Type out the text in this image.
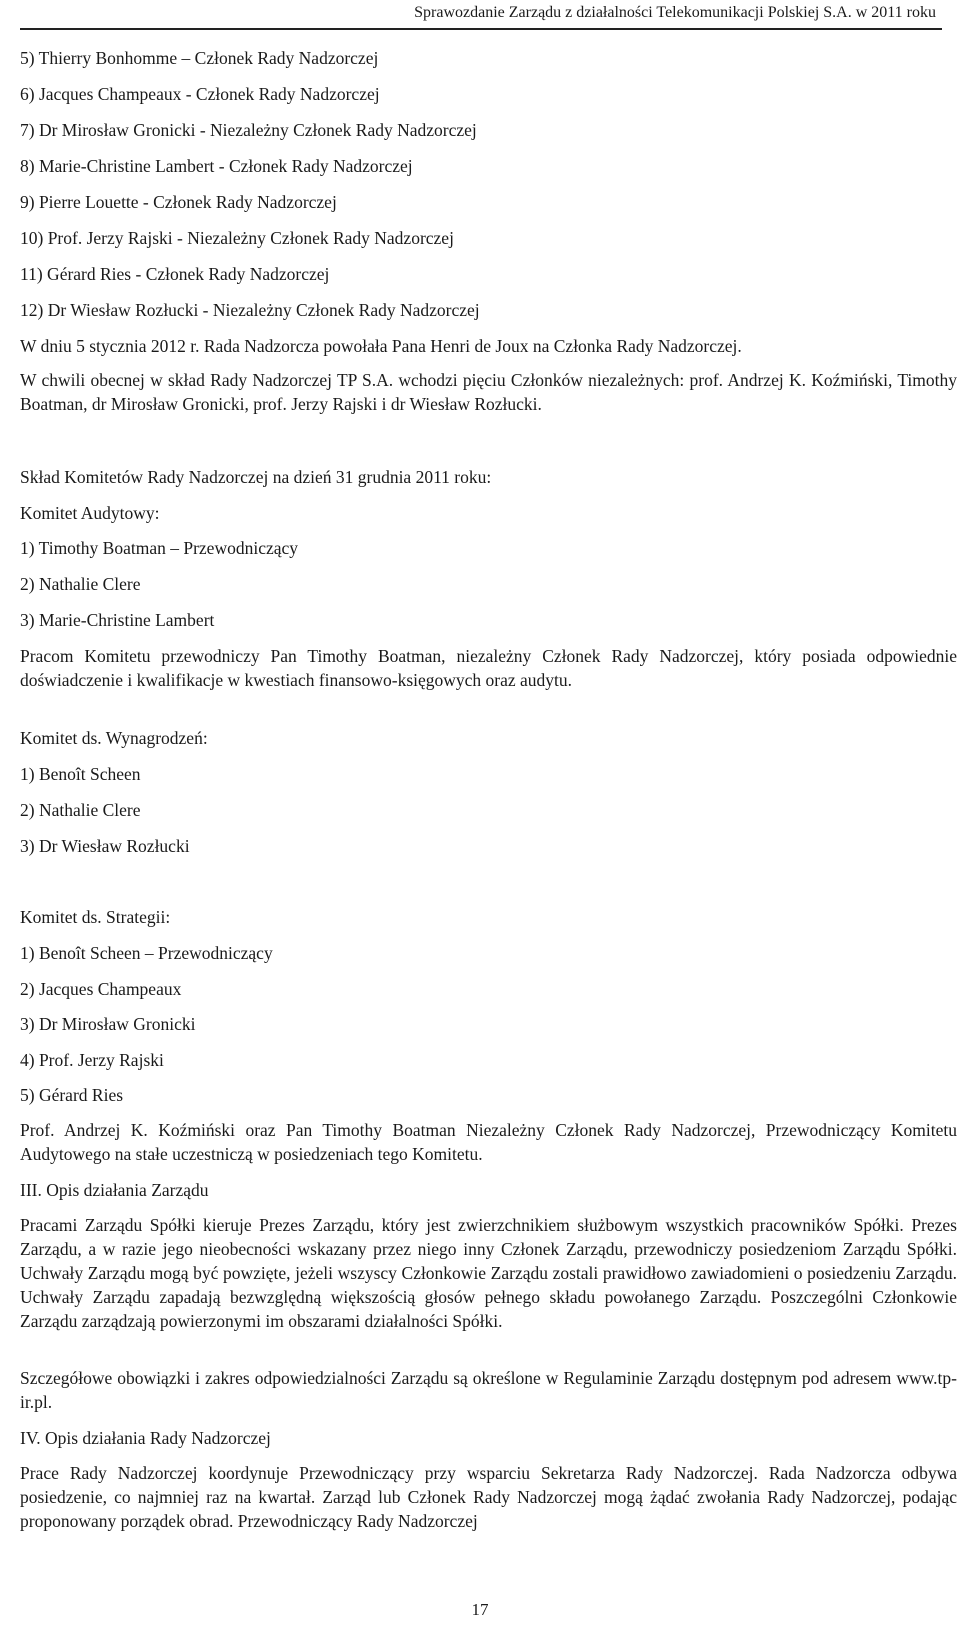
Sprawozdanie Zarządu z działalności Telekomunikacji Polskiej S.A. w 2011 roku
5) Thierry Bonhomme – Członek Rady Nadzorczej
6) Jacques Champeaux - Członek Rady Nadzorczej
7) Dr Mirosław Gronicki - Niezależny Członek Rady Nadzorczej
8) Marie-Christine Lambert - Członek Rady Nadzorczej
9) Pierre Louette - Członek Rady Nadzorczej
10) Prof. Jerzy Rajski - Niezależny Członek Rady Nadzorczej
11) Gérard Ries - Członek Rady Nadzorczej
12) Dr Wiesław Rozłucki - Niezależny Członek Rady Nadzorczej
W dniu 5 stycznia 2012 r. Rada Nadzorcza powołała Pana Henri de Joux na Członka Rady Nadzorczej.
W chwili obecnej w skład Rady Nadzorczej TP S.A. wchodzi pięciu Członków niezależnych: prof. Andrzej K. Koźmiński, Timothy Boatman, dr Mirosław Gronicki, prof. Jerzy Rajski i dr Wiesław Rozłucki.
Skład Komitetów Rady Nadzorczej na dzień 31 grudnia 2011 roku:
Komitet Audytowy:
1) Timothy Boatman – Przewodniczący
2) Nathalie Clere
3) Marie-Christine Lambert
Pracom Komitetu przewodniczy Pan Timothy Boatman, niezależny Członek Rady Nadzorczej, który posiada odpowiednie doświadczenie i kwalifikacje w kwestiach finansowo-księgowych oraz audytu.
Komitet ds. Wynagrodzeń:
1) Benoît Scheen
2) Nathalie Clere
3) Dr Wiesław Rozłucki
Komitet ds. Strategii:
1) Benoît Scheen – Przewodniczący
2) Jacques Champeaux
3) Dr Mirosław Gronicki
4) Prof. Jerzy Rajski
5) Gérard Ries
Prof. Andrzej K. Koźmiński oraz Pan Timothy Boatman Niezależny Członek Rady Nadzorczej, Przewodniczący Komitetu Audytowego na stałe uczestniczą w posiedzeniach tego Komitetu.
III. Opis działania Zarządu
Pracami Zarządu Spółki kieruje Prezes Zarządu, który jest zwierzchnikiem służbowym wszystkich pracowników Spółki. Prezes Zarządu, a w razie jego nieobecności wskazany przez niego inny Członek Zarządu, przewodniczy posiedzeniom Zarządu Spółki. Uchwały Zarządu mogą być powzięte, jeżeli wszyscy Członkowie Zarządu zostali prawidłowo zawiadomieni o posiedzeniu Zarządu. Uchwały Zarządu zapadają bezwzględną większością głosów pełnego składu powołanego Zarządu. Poszczególni Członkowie Zarządu zarządzają powierzonymi im obszarami działalności Spółki.
Szczegółowe obowiązki i zakres odpowiedzialności Zarządu są określone w Regulaminie Zarządu dostępnym pod adresem www.tp-ir.pl.
IV. Opis działania Rady Nadzorczej
Prace Rady Nadzorczej koordynuje Przewodniczący przy wsparciu Sekretarza Rady Nadzorczej. Rada Nadzorcza odbywa posiedzenie, co najmniej raz na kwartał. Zarząd lub Członek Rady Nadzorczej mogą żądać zwołania Rady Nadzorczej, podając proponowany porządek obrad. Przewodniczący Rady Nadzorczej
17
